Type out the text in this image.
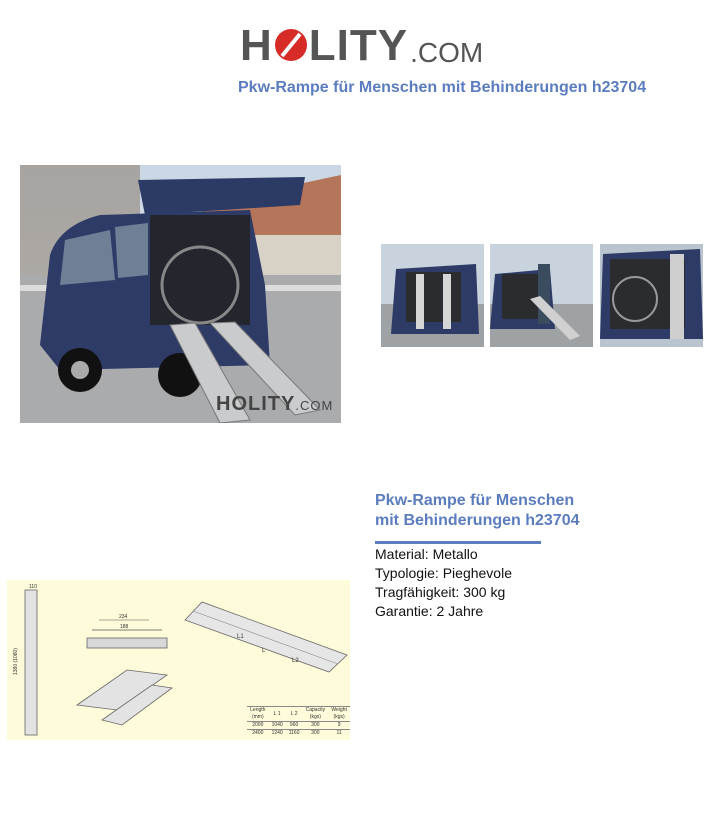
H LITY .COM
Pkw-Rampe für Menschen mit Behinderungen h23704
HOLITY.COM
Pkw-Rampe für Menschen
mit Behinderungen h23704
Material: Metallo
Typologie: Pieghevole
Tragfähigkeit: 300 kg
Garantie: 2 Jahre
110
1380 (1080)
234
188
L1
L
L2
Length (mm)	L 1	L 2	Capacity (kgs)	Weight (kgs)
2000	1040	960	300	9
2400	1240	1160	300	11
